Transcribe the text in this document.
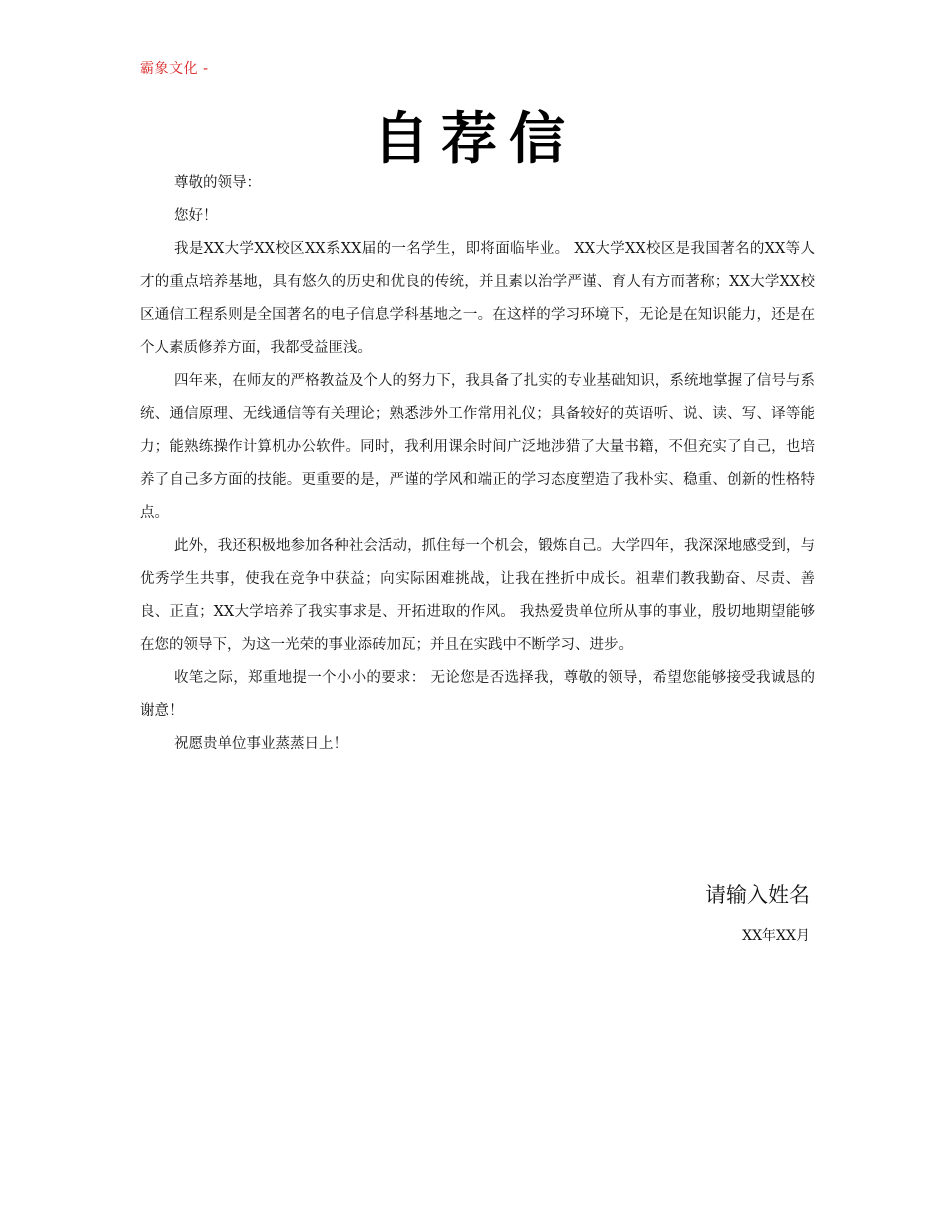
霸象文化 -
自荐信

尊敬的领导：

您好！

我是XX大学XX校区XX系XX届的一名学生，即将面临毕业。 XX大学XX校区是我国著名的XX等人才的重点培养基地，具有悠久的历史和优良的传统，并且素以治学严谨、育人有方而著称；XX大学XX校区通信工程系则是全国著名的电子信息学科基地之一。在这样的学习环境下，无论是在知识能力，还是在个人素质修养方面，我都受益匪浅。

四年来，在师友的严格教益及个人的努力下，我具备了扎实的专业基础知识，系统地掌握了信号与系统、通信原理、无线通信等有关理论；熟悉涉外工作常用礼仪；具备较好的英语听、说、读、写、译等能力；能熟练操作计算机办公软件。同时，我利用课余时间广泛地涉猎了大量书籍，不但充实了自己，也培养了自己多方面的技能。更重要的是，严谨的学风和端正的学习态度塑造了我朴实、稳重、创新的性格特点。

此外，我还积极地参加各种社会活动，抓住每一个机会，锻炼自己。大学四年，我深深地感受到，与优秀学生共事，使我在竞争中获益；向实际困难挑战，让我在挫折中成长。祖辈们教我勤奋、尽责、善良、正直；XX大学培养了我实事求是、开拓进取的作风。 我热爱贵单位所从事的事业，殷切地期望能够在您的领导下，为这一光荣的事业添砖加瓦；并且在实践中不断学习、进步。

收笔之际，郑重地提一个小小的要求： 无论您是否选择我，尊敬的领导，希望您能够接受我诚恳的谢意！

祝愿贵单位事业蒸蒸日上！

请输入姓名
XX年XX月
